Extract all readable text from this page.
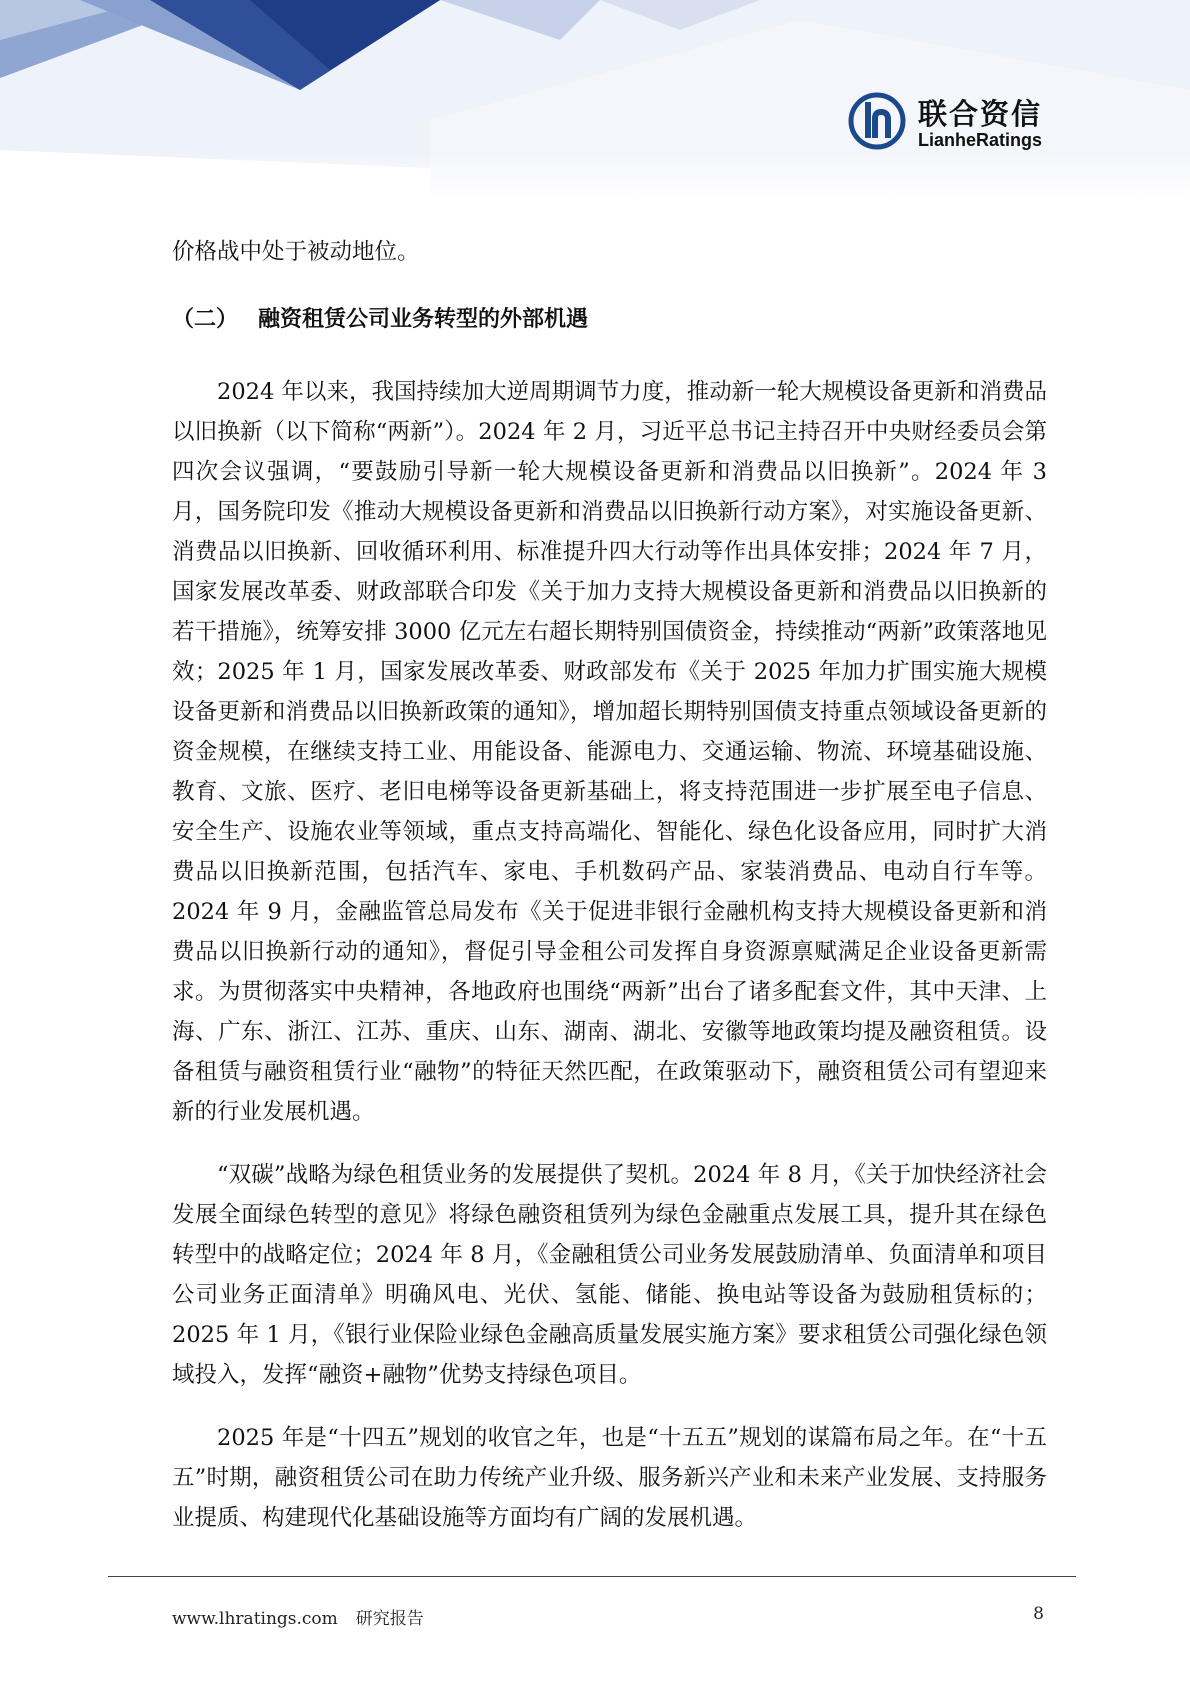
联合资信
LianheRatings

价格战中处于被动地位。

（二） 融资租赁公司业务转型的外部机遇

2024 年以来，我国持续加大逆周期调节力度，推动新一轮大规模设备更新和消费品以旧换新（以下简称“两新”）。2024 年 2 月，习近平总书记主持召开中央财经委员会第四次会议强调，“要鼓励引导新一轮大规模设备更新和消费品以旧换新”。2024 年 3 月，国务院印发《推动大规模设备更新和消费品以旧换新行动方案》，对实施设备更新、消费品以旧换新、回收循环利用、标准提升四大行动等作出具体安排；2024 年 7 月，国家发展改革委、财政部联合印发《关于加力支持大规模设备更新和消费品以旧换新的若干措施》，统筹安排 3000 亿元左右超长期特别国债资金，持续推动“两新”政策落地见效；2025 年 1 月，国家发展改革委、财政部发布《关于 2025 年加力扩围实施大规模设备更新和消费品以旧换新政策的通知》，增加超长期特别国债支持重点领域设备更新的资金规模，在继续支持工业、用能设备、能源电力、交通运输、物流、环境基础设施、教育、文旅、医疗、老旧电梯等设备更新基础上，将支持范围进一步扩展至电子信息、安全生产、设施农业等领域，重点支持高端化、智能化、绿色化设备应用，同时扩大消费品以旧换新范围，包括汽车、家电、手机数码产品、家装消费品、电动自行车等。2024 年 9 月，金融监管总局发布《关于促进非银行金融机构支持大规模设备更新和消费品以旧换新行动的通知》，督促引导金租公司发挥自身资源禀赋满足企业设备更新需求。为贯彻落实中央精神，各地政府也围绕“两新”出台了诸多配套文件，其中天津、上海、广东、浙江、江苏、重庆、山东、湖南、湖北、安徽等地政策均提及融资租赁。设备租赁与融资租赁行业“融物”的特征天然匹配，在政策驱动下，融资租赁公司有望迎来新的行业发展机遇。

“双碳”战略为绿色租赁业务的发展提供了契机。2024 年 8 月，《关于加快经济社会发展全面绿色转型的意见》将绿色融资租赁列为绿色金融重点发展工具，提升其在绿色转型中的战略定位；2024 年 8 月，《金融租赁公司业务发展鼓励清单、负面清单和项目公司业务正面清单》明确风电、光伏、氢能、储能、换电站等设备为鼓励租赁标的；2025 年 1 月，《银行业保险业绿色金融高质量发展实施方案》要求租赁公司强化绿色领域投入，发挥“融资+融物”优势支持绿色项目。

2025 年是“十四五”规划的收官之年，也是“十五五”规划的谋篇布局之年。在“十五五”时期，融资租赁公司在助力传统产业升级、服务新兴产业和未来产业发展、支持服务业提质、构建现代化基础设施等方面均有广阔的发展机遇。

www.lhratings.com 研究报告	8
